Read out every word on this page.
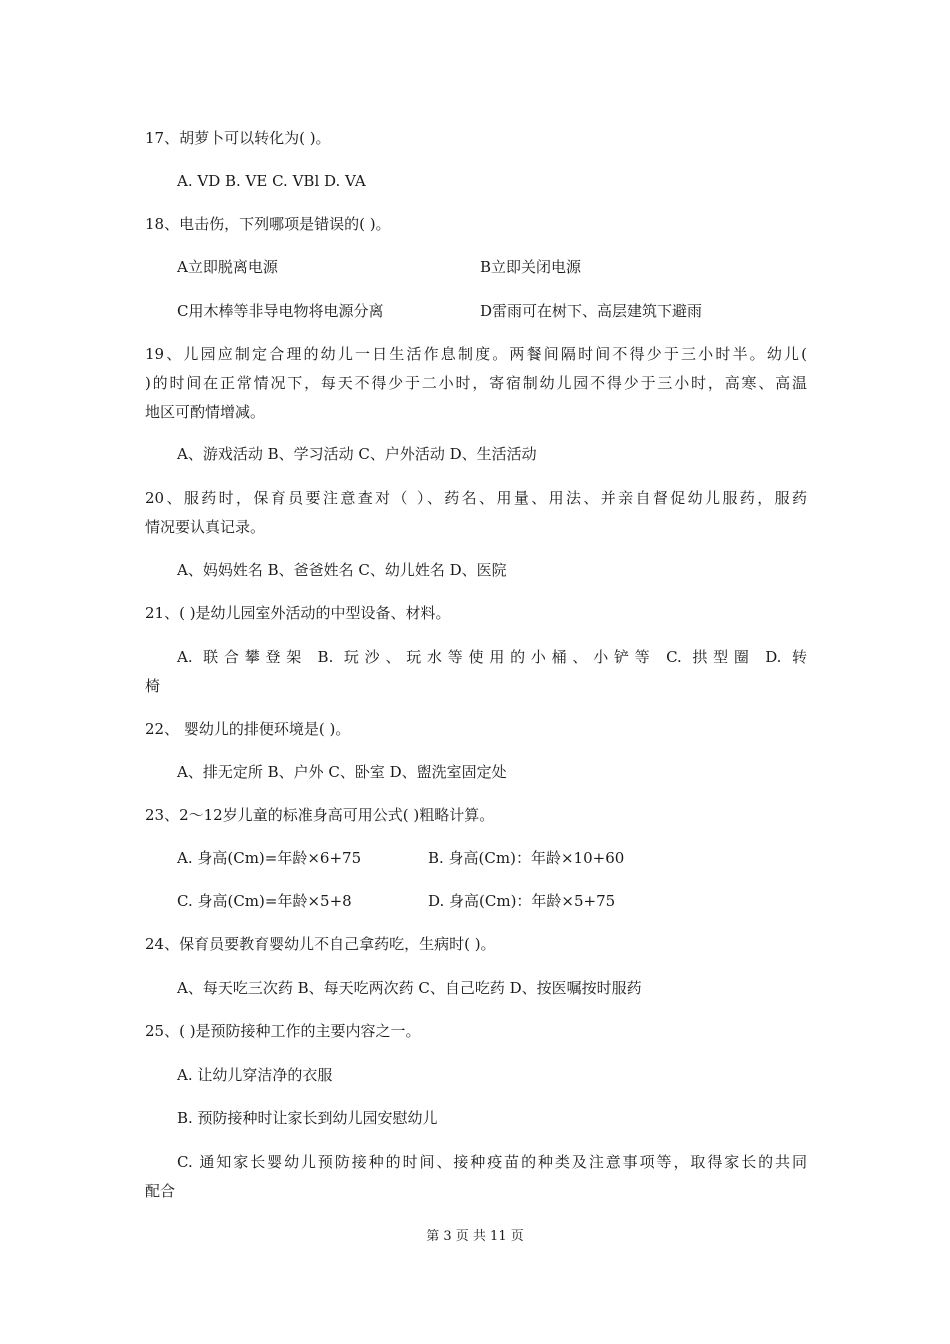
17、胡萝卜可以转化为( )。
A. VD B. VE C. VBl D. VA
18、电击伤，下列哪项是错误的( )。
A立即脱离电源	B立即关闭电源
C用木棒等非导电物将电源分离	D雷雨可在树下、高层建筑下避雨
19、儿园应制定合理的幼儿一日生活作息制度。两餐间隔时间不得少于三小时半。幼儿(
)的时间在正常情况下，每天不得少于二小时，寄宿制幼儿园不得少于三小时，高寒、高温
地区可酌情增减。
A、游戏活动 B、学习活动 C、户外活动 D、生活活动
20、服药时，保育员要注意查对（ ）、药名、用量、用法、并亲自督促幼儿服药，服药
情况要认真记录。
A、妈妈姓名 B、爸爸姓名 C、幼儿姓名 D、医院
21、( )是幼儿园室外活动的中型设备、材料。
A. 联合攀登架 B. 玩沙、玩水等使用的小桶、小铲等 C. 拱型圈 D. 转
椅
22、 婴幼儿的排便环境是( )。
A、排无定所 B、户外 C、卧室 D、盥洗室固定处
23、2～12岁儿童的标准身高可用公式( )粗略计算。
A. 身高(Cm)=年龄×6+75	B. 身高(Cm)：年龄×10+60
C. 身高(Cm)=年龄×5+8	D. 身高(Cm)：年龄×5+75
24、保育员要教育婴幼儿不自己拿药吃，生病时( )。
A、每天吃三次药 B、每天吃两次药 C、自己吃药 D、按医嘱按时服药
25、( )是预防接种工作的主要内容之一。
A. 让幼儿穿洁净的衣服
B. 预防接种时让家长到幼儿园安慰幼儿
C. 通知家长婴幼儿预防接种的时间、接种疫苗的种类及注意事项等，取得家长的共同
配合
第 3 页 共 11 页
